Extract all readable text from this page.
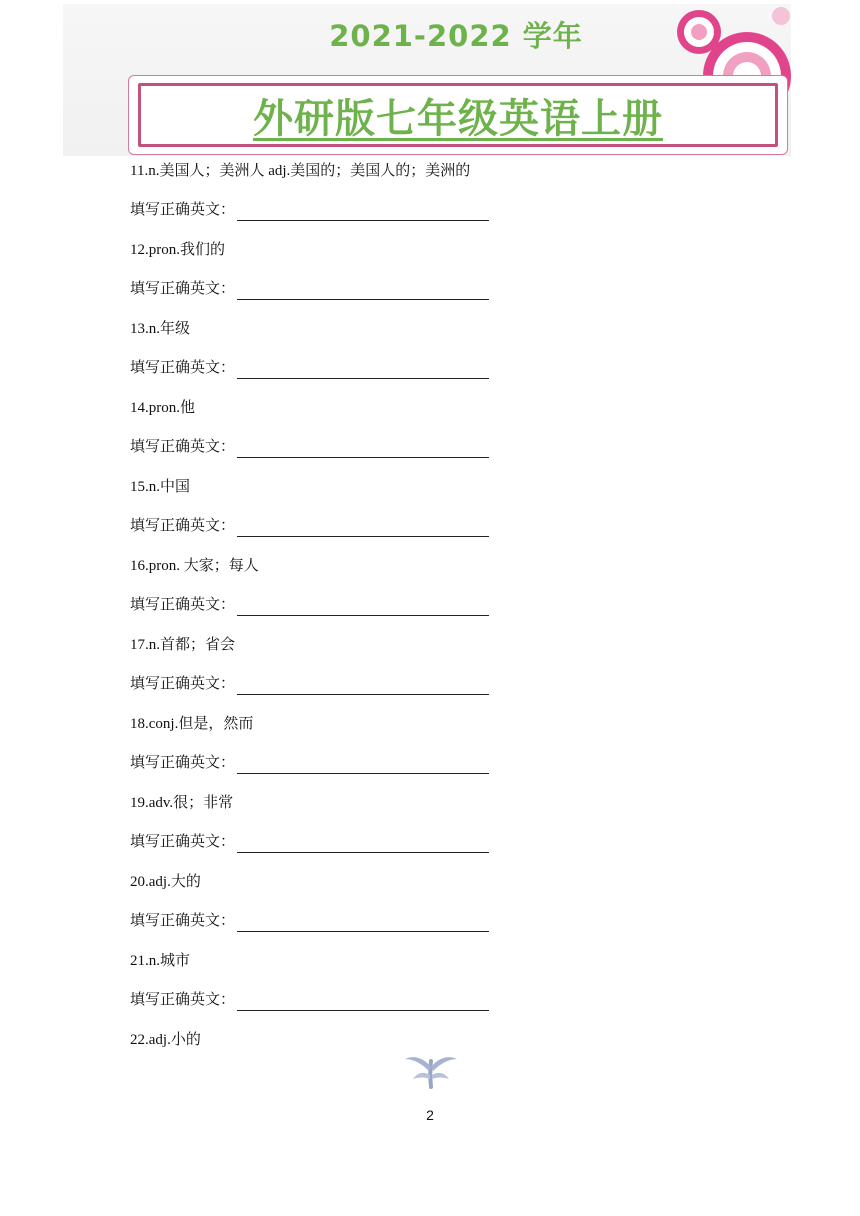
2021-2022 学年
外研版七年级英语上册
11.n.美国人；美洲人 adj.美国的；美国人的；美洲的
填写正确英文：
12.pron.我们的
填写正确英文：
13.n.年级
填写正确英文：
14.pron.他
填写正确英文：
15.n.中国
填写正确英文：
16.pron. 大家；每人
填写正确英文：
17.n.首都；省会
填写正确英文：
18.conj.但是，然而
填写正确英文：
19.adv.很；非常
填写正确英文：
20.adj.大的
填写正确英文：
21.n.城市
填写正确英文：
22.adj.小的
2
